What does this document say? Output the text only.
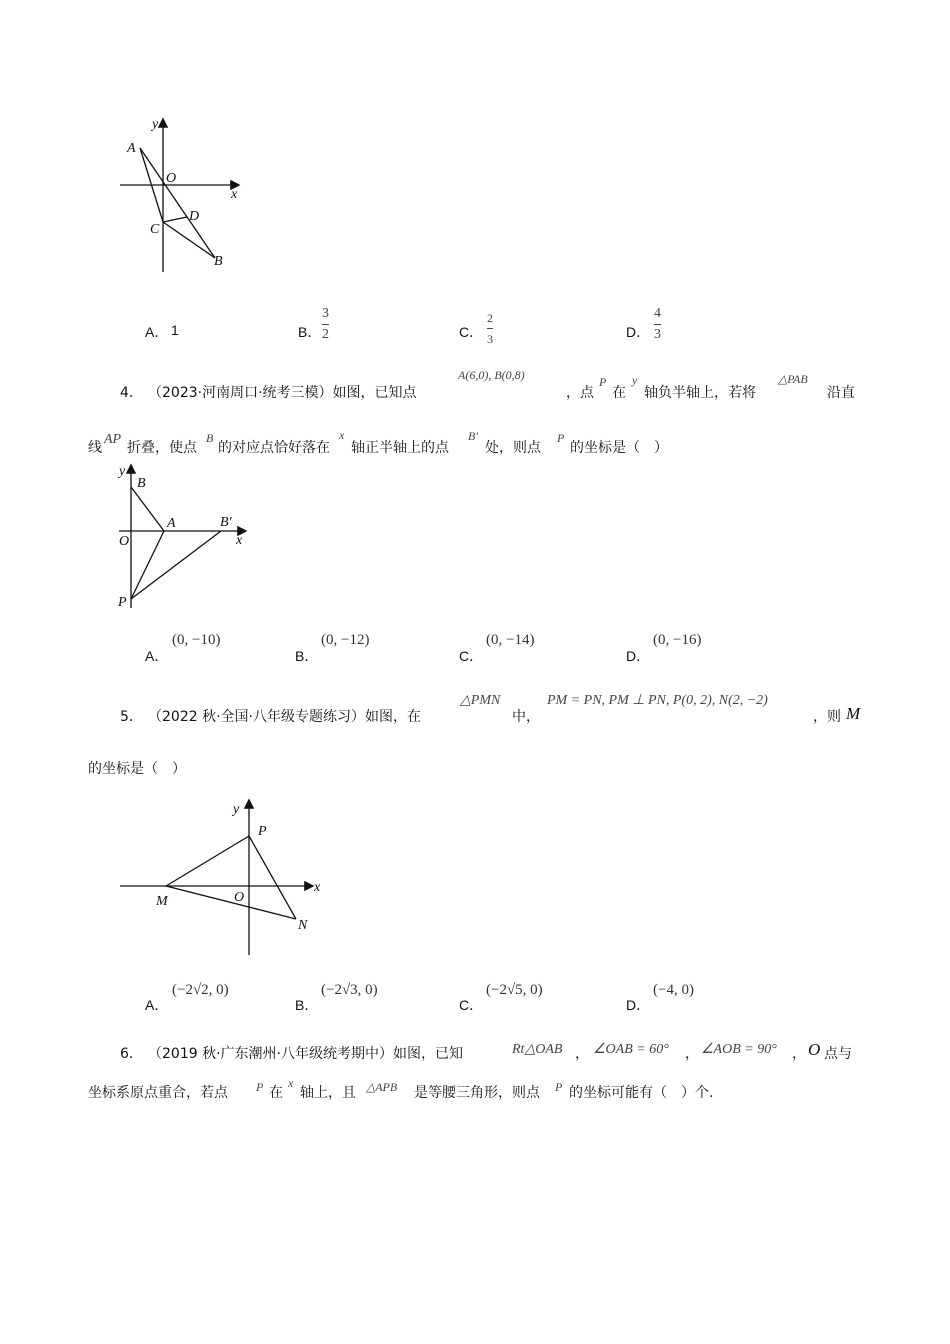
y
x
A
O
D
C
B
A． 1	B．
3
2	C．
2
3	D．
4
3
4． （2023·河南周口·统考三模）如图，已知点
A(6,0), B(0,8)
，点
P
在
y
轴负半轴上，若将
△PAB
沿直
线
AP
折叠，使点
B
的对应点恰好落在
x
轴正半轴上的点
B′
处，则点
P
的坐标是（　）
y
B
A	B′
O	x
P
A．
(0, −10)
B．
(0, −12)
C．
(0, −14)
D．
(0, −16)
5． （2022 秋·全国·八年级专题练习）如图，在
△PMN
中，
PM = PN, PM ⊥ PN, P(0, 2), N(2, −2)
，则 M
的坐标是（　）
y
P
M	O
x
N
A．
(−2√2, 0)
B．
(−2√3, 0)
C．
(−2√5, 0)
D．
(−4, 0)
6． （2019 秋·广东潮州·八年级统考期中）如图，已知	Rt△OAB ， ∠OAB = 60° ， ∠AOB = 90° ， O 点与
坐标系原点重合，若点 P 在
x
轴上，且 △APB 是等腰三角形，则点 P 的坐标可能有（　）个.
